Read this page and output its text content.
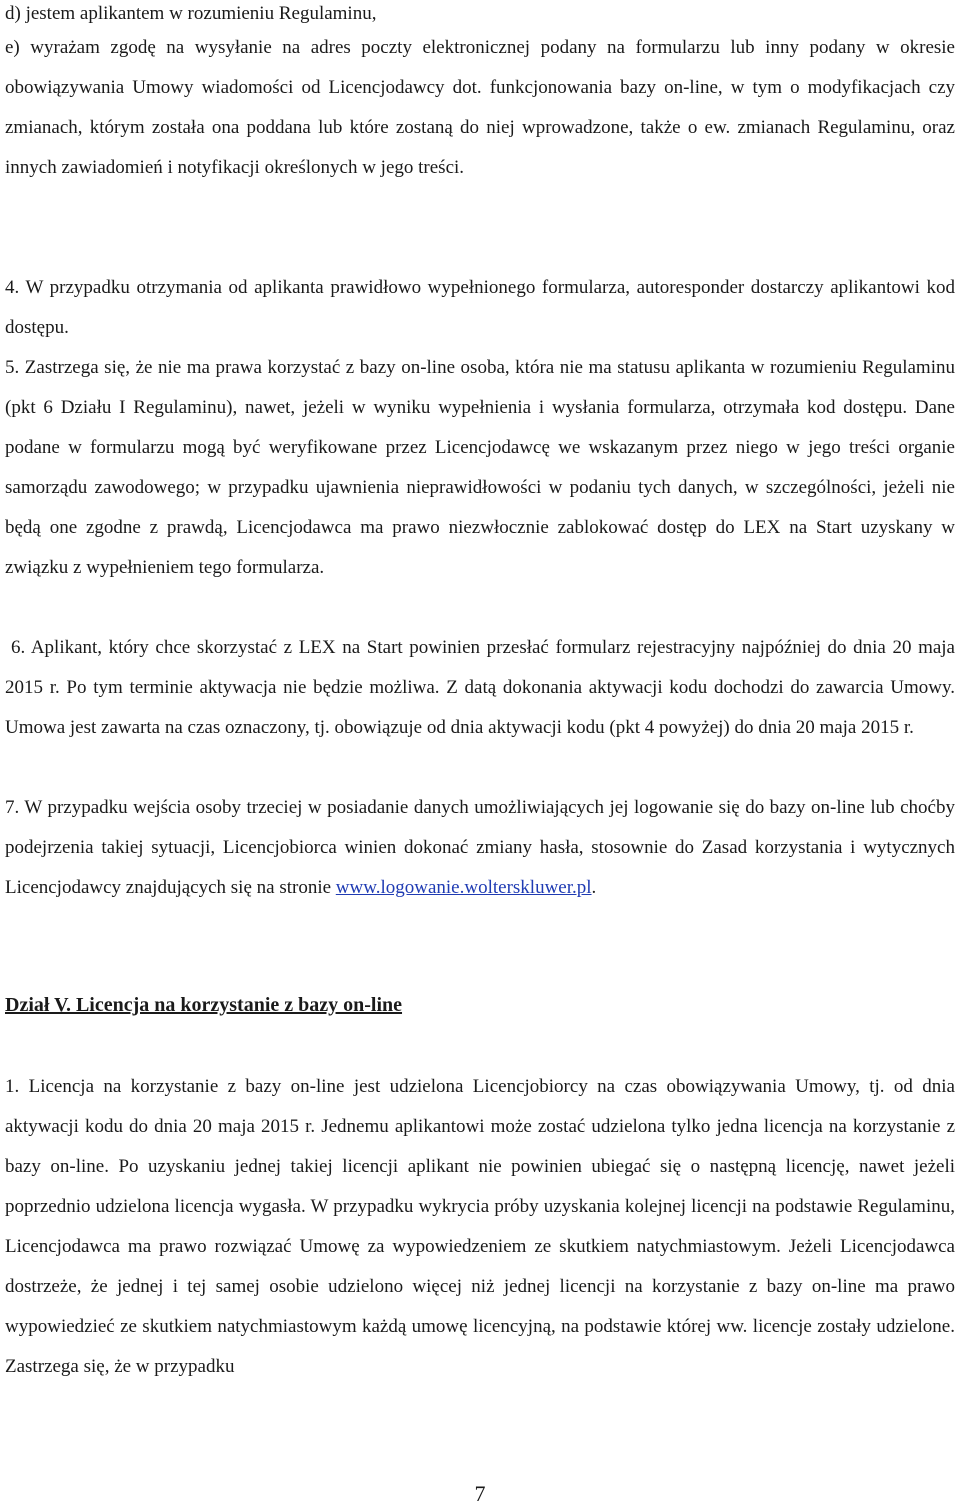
d) jestem aplikantem w rozumieniu Regulaminu,

e) wyrażam zgodę na wysyłanie na adres poczty elektronicznej podany na formularzu lub inny podany w okresie obowiązywania Umowy wiadomości od Licencjodawcy dot. funkcjonowania bazy on-line, w tym o modyfikacjach czy zmianach, którym została ona poddana lub które zostaną do niej wprowadzone, także o ew. zmianach Regulaminu, oraz innych zawiadomień i notyfikacji określonych w jego treści.

4. W przypadku otrzymania od aplikanta prawidłowo wypełnionego formularza, autoresponder dostarczy aplikantowi kod dostępu.

5. Zastrzega się, że nie ma prawa korzystać z bazy on-line osoba, która nie ma statusu aplikanta w rozumieniu Regulaminu (pkt 6 Działu I Regulaminu), nawet, jeżeli w wyniku wypełnienia i wysłania formularza, otrzymała kod dostępu. Dane podane w formularzu mogą być weryfikowane przez Licencjodawcę we wskazanym przez niego w jego treści organie samorządu zawodowego; w przypadku ujawnienia nieprawidłowości w podaniu tych danych, w szczególności, jeżeli nie będą one zgodne z prawdą, Licencjodawca ma prawo niezwłocznie zablokować dostęp do LEX na Start uzyskany w związku z wypełnieniem tego formularza.

6. Aplikant, który chce skorzystać z LEX na Start powinien przesłać formularz rejestracyjny najpóźniej do dnia 20 maja 2015 r. Po tym terminie aktywacja nie będzie możliwa. Z datą dokonania aktywacji kodu dochodzi do zawarcia Umowy. Umowa jest zawarta na czas oznaczony, tj. obowiązuje od dnia aktywacji kodu (pkt 4 powyżej) do dnia 20 maja 2015 r.

7. W przypadku wejścia osoby trzeciej w posiadanie danych umożliwiających jej logowanie się do bazy on-line lub choćby podejrzenia takiej sytuacji, Licencjobiorca winien dokonać zmiany hasła, stosownie do Zasad korzystania i wytycznych Licencjodawcy znajdujących się na stronie www.logowanie.wolterskluwer.pl.

Dział V. Licencja na korzystanie z bazy on-line

1. Licencja na korzystanie z bazy on-line jest udzielona Licencjobiorcy na czas obowiązywania Umowy, tj. od dnia aktywacji kodu do dnia 20 maja 2015 r. Jednemu aplikantowi może zostać udzielona tylko jedna licencja na korzystanie z bazy on-line. Po uzyskaniu jednej takiej licencji aplikant nie powinien ubiegać się o następną licencję, nawet jeżeli poprzednio udzielona licencja wygasła. W przypadku wykrycia próby uzyskania kolejnej licencji na podstawie Regulaminu, Licencjodawca ma prawo rozwiązać Umowę za wypowiedzeniem ze skutkiem natychmiastowym. Jeżeli Licencjodawca dostrzeże, że jednej i tej samej osobie udzielono więcej niż jednej licencji na korzystanie z bazy on-line ma prawo wypowiedzieć ze skutkiem natychmiastowym każdą umowę licencyjną, na podstawie której ww. licencje zostały udzielone. Zastrzega się, że w przypadku

7
